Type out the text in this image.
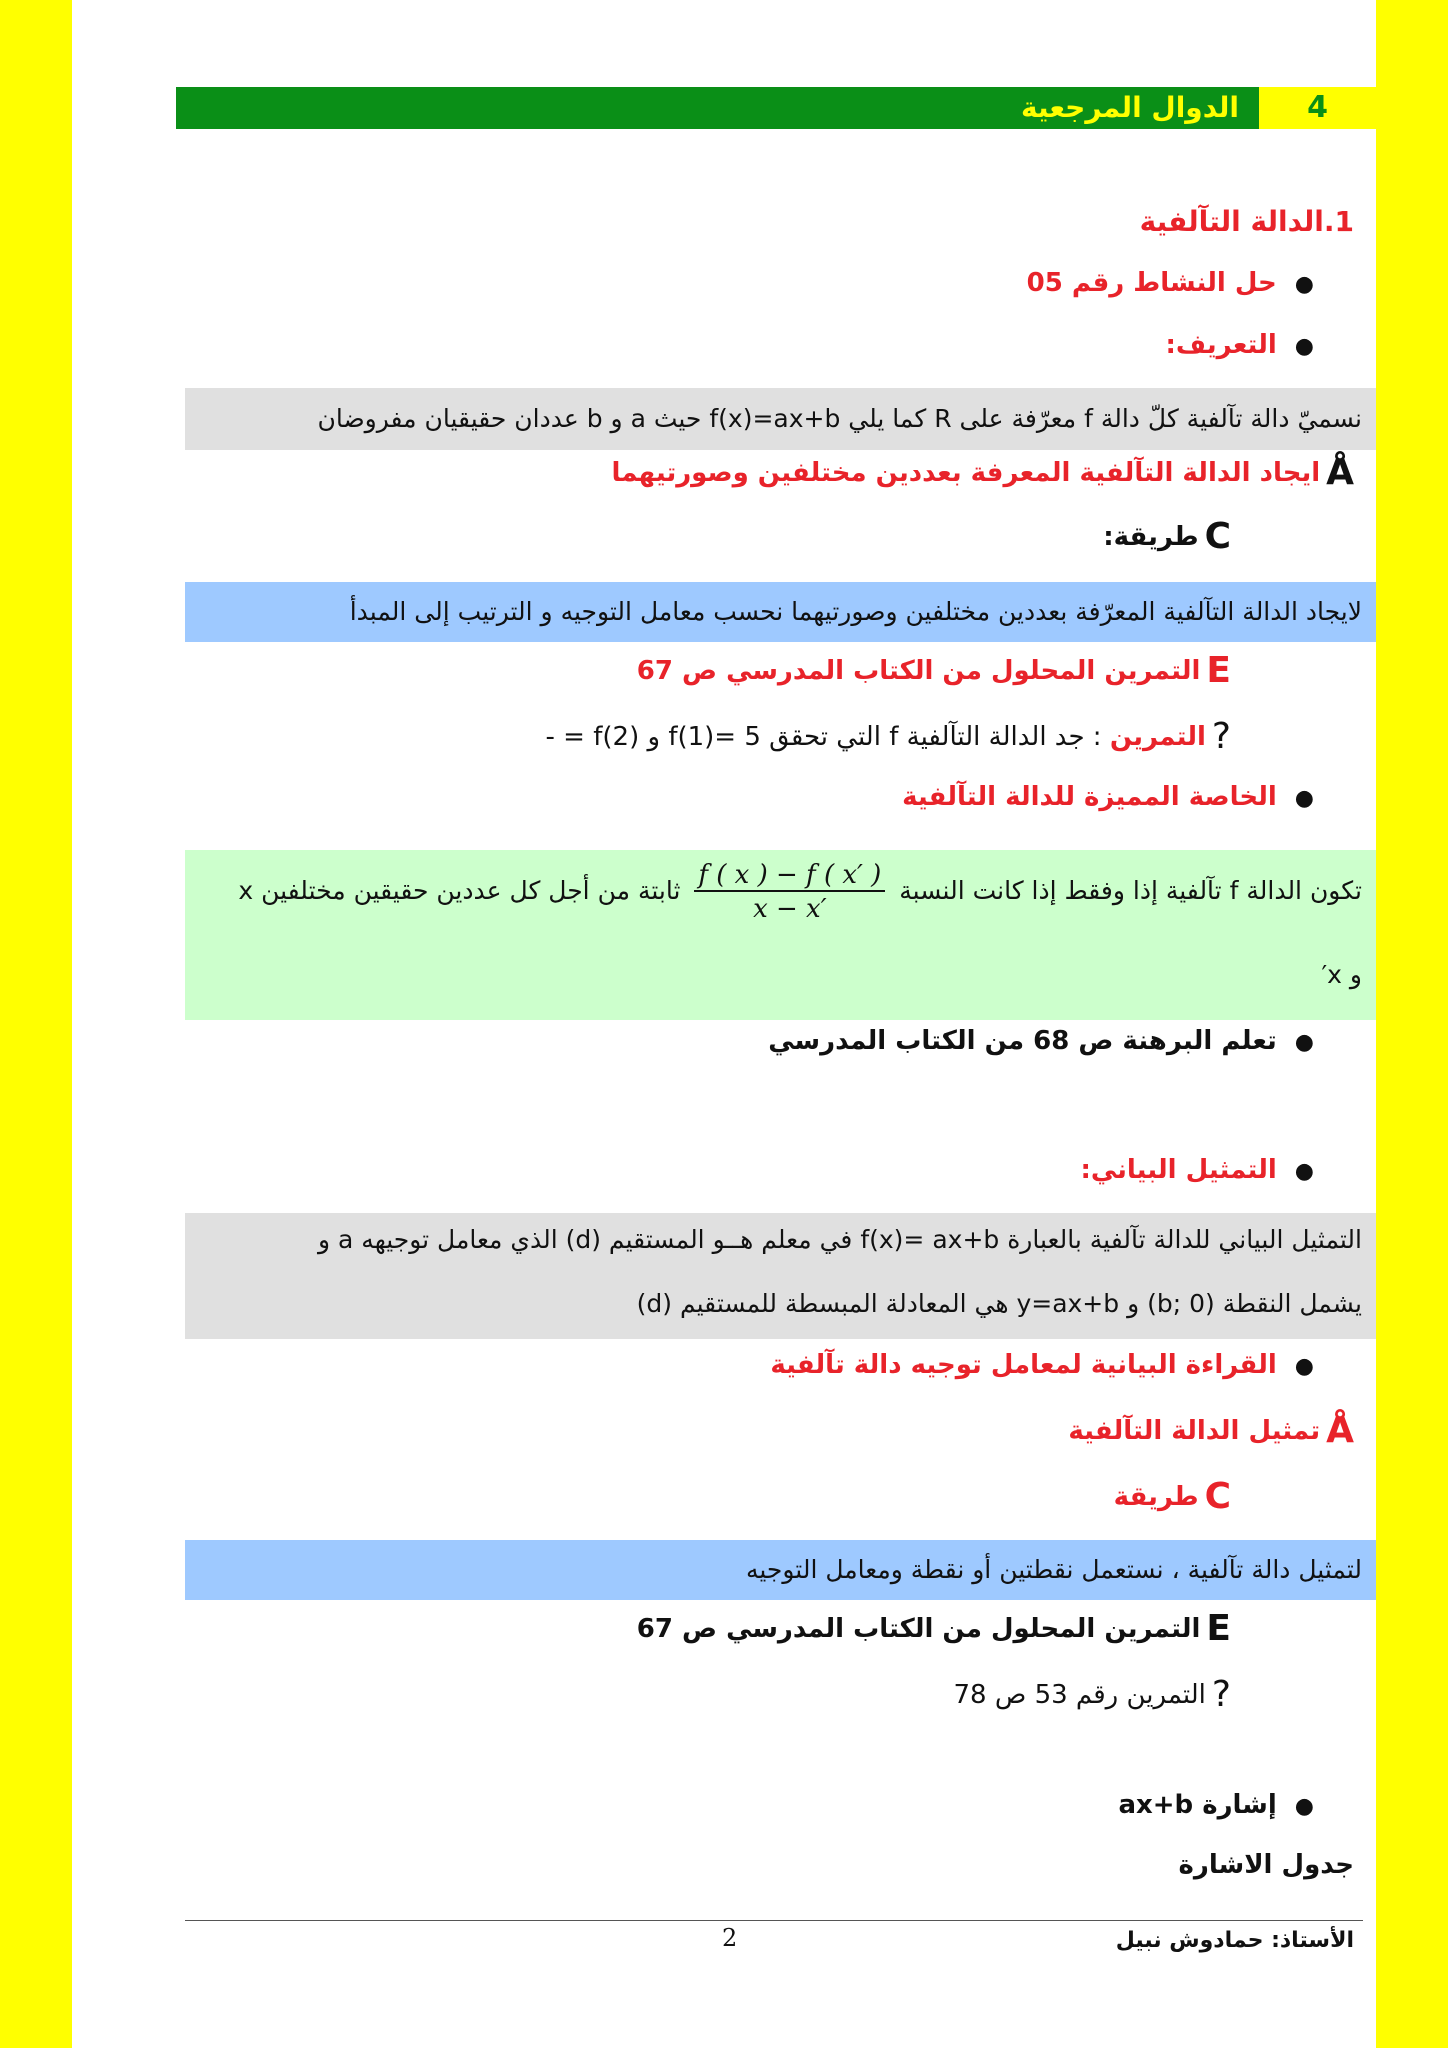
الدوال المرجعية	4
1.الدالة التآلفية
●حل النشاط رقم 05
●التعريف:
نسميّ دالة تآلفية كلّ دالة f معرّفة على R كما يلي f(x)=ax+b حيث a و b عددان حقيقيان مفروضان
Åايجاد الدالة التآلفية المعرفة بعددين مختلفين وصورتيهما
Cطريقة:
لايجاد الدالة التآلفية المعرّفة بعددين مختلفين وصورتيهما نحسب معامل التوجيه و الترتيب إلى المبدأ
Eالتمرين المحلول من الكتاب المدرسي ص 67
?التمرين : جد الدالة التآلفية f التي تحقق f(1)= 5 و f(2) = -
●الخاصة المميزة للدالة التآلفية
تكون الدالة f تآلفية إذا وفقط إذا كانت النسبة
$\frac{f ( x ) - f ( x' )}{x - x'}$
ثابتة من أجل كل عددين حقيقين مختلفين x
و x′
●تعلم البرهنة ص 68 من الكتاب المدرسي
●التمثيل البياني:
التمثيل البياني للدالة تآلفية بالعبارة f(x)= ax+b في معلم هــو المستقيم (d) الذي معامل توجيهه a و
يشمل النقطة (0 ;b) و y=ax+b هي المعادلة المبسطة للمستقيم (d)
●القراءة البيانية لمعامل توجيه دالة تآلفية
Åتمثيل الدالة التآلفية
Cطريقة
لتمثيل دالة تآلفية ، نستعمل نقطتين أو نقطة ومعامل التوجيه
Eالتمرين المحلول من الكتاب المدرسي ص 67
?التمرين رقم 53 ص 78
●إشارة ax+b
جدول الاشارة
2	الأستاذ: حمادوش نبيل
